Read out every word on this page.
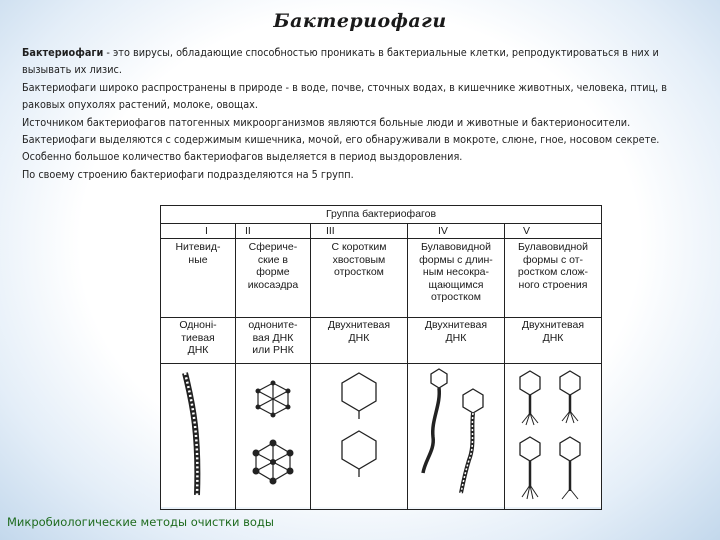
Бактериофаги

Бактериофаги - это вирусы, обладающие способностью проникать в бактериальные клетки, репродуктироваться в них и вызывать их лизис.

Бактериофаги широко распространены в природе - в воде, почве, сточных водах, в кишечнике животных, человека, птиц, в раковых опухолях растений, молоке, овощах.

Источником бактериофагов патогенных микроорганизмов являются больные люди и животные и бактерионосители. Бактериофаги выделяются с содержимым кишечника, мочой, его обнаруживали в мокроте, слюне, гное, носовом секрете. Особенно большое количество бактериофагов выделяется в период выздоровления.

По своему строению бактериофаги подразделяются на 5 групп.

Группа бактериофагов				
I	II	III	IV	V
Нитевид-
ные	Сфериче-
ские в
форме
икосаэдра	С коротким
хвостовым
отростком	Булавовидной
формы с длин-
ным несокра-
щающимся
отростком	Булавовидной
формы с от-
ростком слож-
ного строения
Одноні-
тиевая
ДНК	однонитe-
вая ДНК
или РНК	Двухнитевая
ДНК	Двухнитевая
ДНК	Двухнитевая
ДНК

Микробиологические методы очистки воды
